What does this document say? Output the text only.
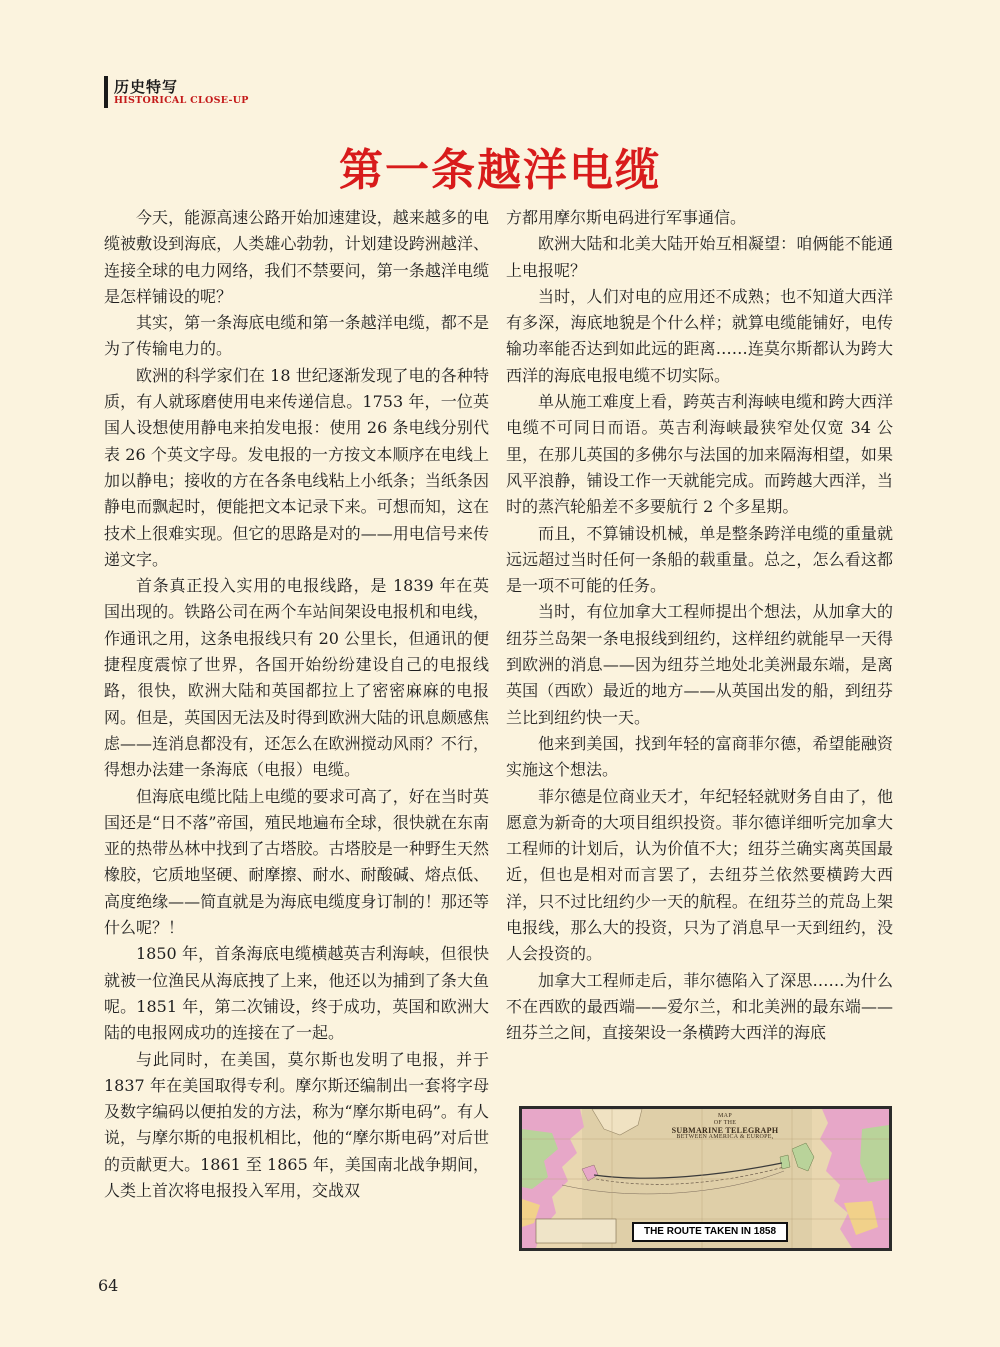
历史特写
HISTORICAL CLOSE-UP
第一条越洋电缆

今天，能源高速公路开始加速建设，越来越多的电缆被敷设到海底，人类雄心勃勃，计划建设跨洲越洋、连接全球的电力网络，我们不禁要问，第一条越洋电缆是怎样铺设的呢？

其实，第一条海底电缆和第一条越洋电缆，都不是为了传输电力的。

欧洲的科学家们在 18 世纪逐渐发现了电的各种特质，有人就琢磨使用电来传递信息。1753 年，一位英国人设想使用静电来拍发电报：使用 26 条电线分别代表 26 个英文字母。发电报的一方按文本顺序在电线上加以静电；接收的方在各条电线粘上小纸条；当纸条因静电而飘起时，便能把文本记录下来。可想而知，这在技术上很难实现。但它的思路是对的——用电信号来传递文字。

首条真正投入实用的电报线路，是 1839 年在英国出现的。铁路公司在两个车站间架设电报机和电线，作通讯之用，这条电报线只有 20 公里长，但通讯的便捷程度震惊了世界，各国开始纷纷建设自己的电报线路，很快，欧洲大陆和英国都拉上了密密麻麻的电报网。但是，英国因无法及时得到欧洲大陆的讯息颇感焦虑——连消息都没有，还怎么在欧洲搅动风雨？不行，得想办法建一条海底（电报）电缆。

但海底电缆比陆上电缆的要求可高了，好在当时英国还是“日不落”帝国，殖民地遍布全球，很快就在东南亚的热带丛林中找到了古塔胶。古塔胶是一种野生天然橡胶，它质地坚硬、耐摩擦、耐水、耐酸碱、熔点低、高度绝缘——简直就是为海底电缆度身订制的！那还等什么呢？！

1850 年，首条海底电缆横越英吉利海峡，但很快就被一位渔民从海底拽了上来，他还以为捕到了条大鱼呢。1851 年，第二次铺设，终于成功，英国和欧洲大陆的电报网成功的连接在了一起。

与此同时，在美国，莫尔斯也发明了电报，并于 1837 年在美国取得专利。摩尔斯还编制出一套将字母及数字编码以便拍发的方法，称为“摩尔斯电码”。有人说，与摩尔斯的电报机相比，他的“摩尔斯电码”对后世的贡献更大。1861 至 1865 年，美国南北战争期间，人类上首次将电报投入军用，交战双

方都用摩尔斯电码进行军事通信。

欧洲大陆和北美大陆开始互相凝望：咱俩能不能通上电报呢？

当时，人们对电的应用还不成熟；也不知道大西洋有多深，海底地貌是个什么样；就算电缆能铺好，电传输功率能否达到如此远的距离……连莫尔斯都认为跨大西洋的海底电报电缆不切实际。

单从施工难度上看，跨英吉利海峡电缆和跨大西洋电缆不可同日而语。英吉利海峡最狭窄处仅宽 34 公里，在那儿英国的多佛尔与法国的加来隔海相望，如果风平浪静，铺设工作一天就能完成。而跨越大西洋，当时的蒸汽轮船差不多要航行 2 个多星期。

而且，不算铺设机械，单是整条跨洋电缆的重量就远远超过当时任何一条船的载重量。总之，怎么看这都是一项不可能的任务。

当时，有位加拿大工程师提出个想法，从加拿大的纽芬兰岛架一条电报线到纽约，这样纽约就能早一天得到欧洲的消息——因为纽芬兰地处北美洲最东端，是离英国（西欧）最近的地方——从英国出发的船，到纽芬兰比到纽约快一天。

他来到美国，找到年轻的富商菲尔德，希望能融资实施这个想法。

菲尔德是位商业天才，年纪轻轻就财务自由了，他愿意为新奇的大项目组织投资。菲尔德详细听完加拿大工程师的计划后，认为价值不大；纽芬兰确实离英国最近，但也是相对而言罢了，去纽芬兰依然要横跨大西洋，只不过比纽约少一天的航程。在纽芬兰的荒岛上架电报线，那么大的投资，只为了消息早一天到纽约，没人会投资的。

加拿大工程师走后，菲尔德陷入了深思……为什么不在西欧的最西端——爱尔兰，和北美洲的最东端——纽芬兰之间，直接架设一条横跨大西洋的海底

MAP
OF THE
SUBMARINE TELEGRAPH
BETWEEN AMERICA & EUROPE,
THE ROUTE TAKEN IN 1858
64
